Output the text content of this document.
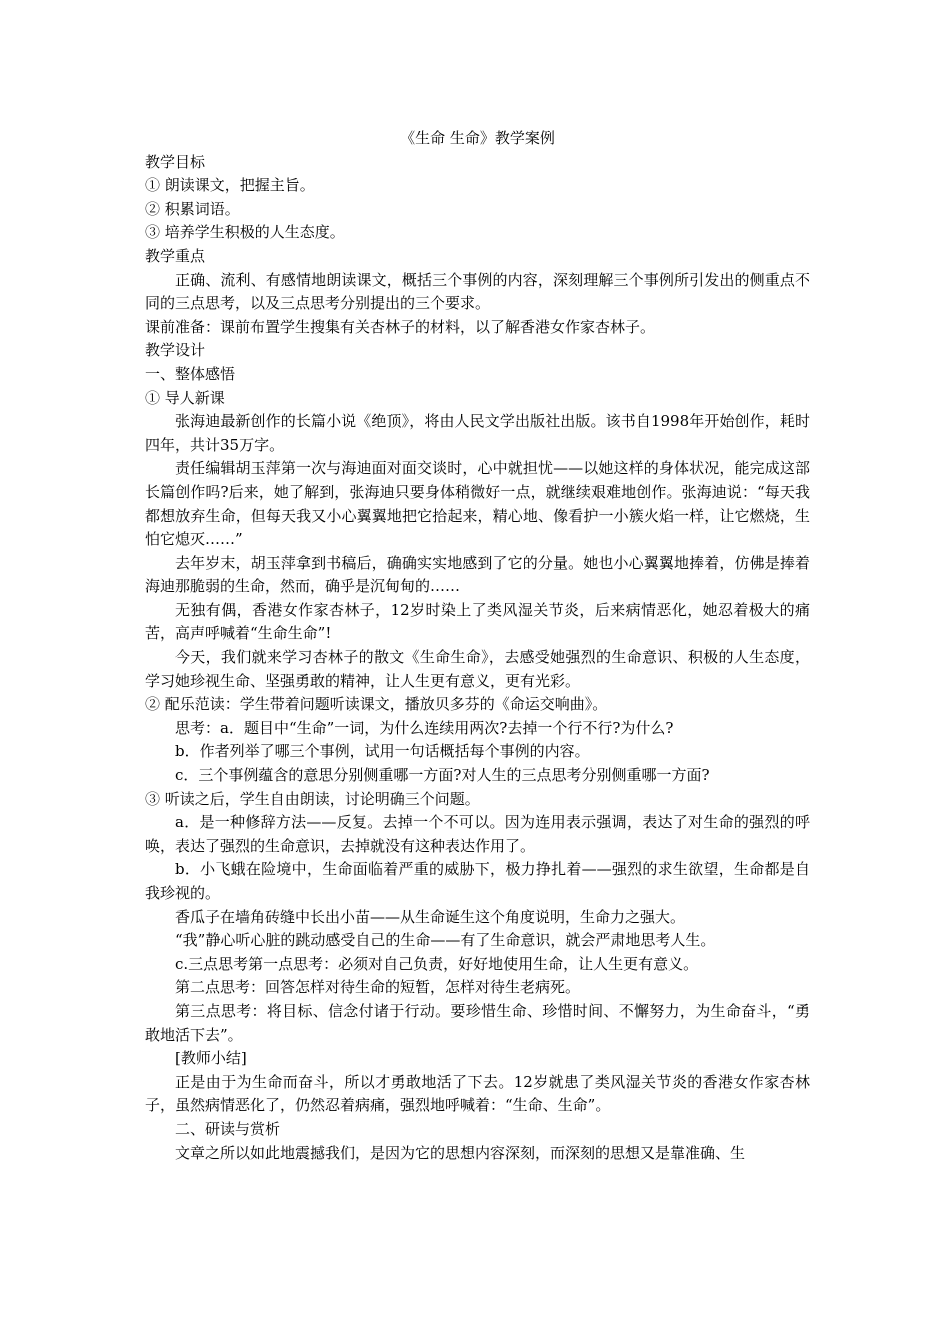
《生命 生命》教学案例

教学目标

① 朗读课文，把握主旨。

② 积累词语。

③ 培养学生积极的人生态度。

教学重点

正确、流利、有感情地朗读课文，概括三个事例的内容，深刻理解三个事例所引发出的侧重点不同的三点思考，以及三点思考分别提出的三个要求。

课前准备：课前布置学生搜集有关杏林子的材料，以了解香港女作家杏林子。

教学设计

一、整体感悟

① 导人新课

张海迪最新创作的长篇小说《绝顶》，将由人民文学出版社出版。该书自1998年开始创作，耗时四年，共计35万字。

责任编辑胡玉萍第一次与海迪面对面交谈时，心中就担忧——以她这样的身体状况，能完成这部长篇创作吗?后来，她了解到，张海迪只要身体稍微好一点，就继续艰难地创作。张海迪说：“每天我都想放弃生命，但每天我又小心翼翼地把它拾起来，精心地、像看护一小簇火焰一样，让它燃烧，生怕它熄灭……”

去年岁末，胡玉萍拿到书稿后，确确实实地感到了它的分量。她也小心翼翼地捧着，仿佛是捧着海迪那脆弱的生命，然而，确乎是沉甸甸的……

无独有偶，香港女作家杏林子，12岁时染上了类风湿关节炎，后来病情恶化，她忍着极大的痛苦，高声呼喊着“生命生命”!

今天，我们就来学习杏林子的散文《生命生命》，去感受她强烈的生命意识、积极的人生态度，学习她珍视生命、坚强勇敢的精神，让人生更有意义，更有光彩。

② 配乐范读：学生带着问题听读课文，播放贝多芬的《命运交响曲》。

思考：a．题目中“生命”一词，为什么连续用两次?去掉一个行不行?为什么?

b．作者列举了哪三个事例，试用一句话概括每个事例的内容。

c．三个事例蕴含的意思分别侧重哪一方面?对人生的三点思考分别侧重哪一方面?

③ 听读之后，学生自由朗读，讨论明确三个问题。

a．是一种修辞方法——反复。去掉一个不可以。因为连用表示强调，表达了对生命的强烈的呼唤，表达了强烈的生命意识，去掉就没有这种表达作用了。

b．小飞蛾在险境中，生命面临着严重的威胁下，极力挣扎着——强烈的求生欲望，生命都是自我珍视的。

香瓜子在墙角砖缝中长出小苗——从生命诞生这个角度说明，生命力之强大。

“我”静心听心脏的跳动感受自己的生命——有了生命意识，就会严肃地思考人生。

c.三点思考第一点思考：必须对自己负责，好好地使用生命，让人生更有意义。

第二点思考：回答怎样对待生命的短暂，怎样对待生老病死。

第三点思考：将目标、信念付诸于行动。要珍惜生命、珍惜时间、不懈努力，为生命奋斗，“勇敢地活下去”。

[教师小结]

正是由于为生命而奋斗，所以才勇敢地活了下去。12岁就患了类风湿关节炎的香港女作家杏林子，虽然病情恶化了，仍然忍着病痛，强烈地呼喊着：“生命、生命”。

二、研读与赏析

文章之所以如此地震撼我们，是因为它的思想内容深刻，而深刻的思想又是靠准确、生
